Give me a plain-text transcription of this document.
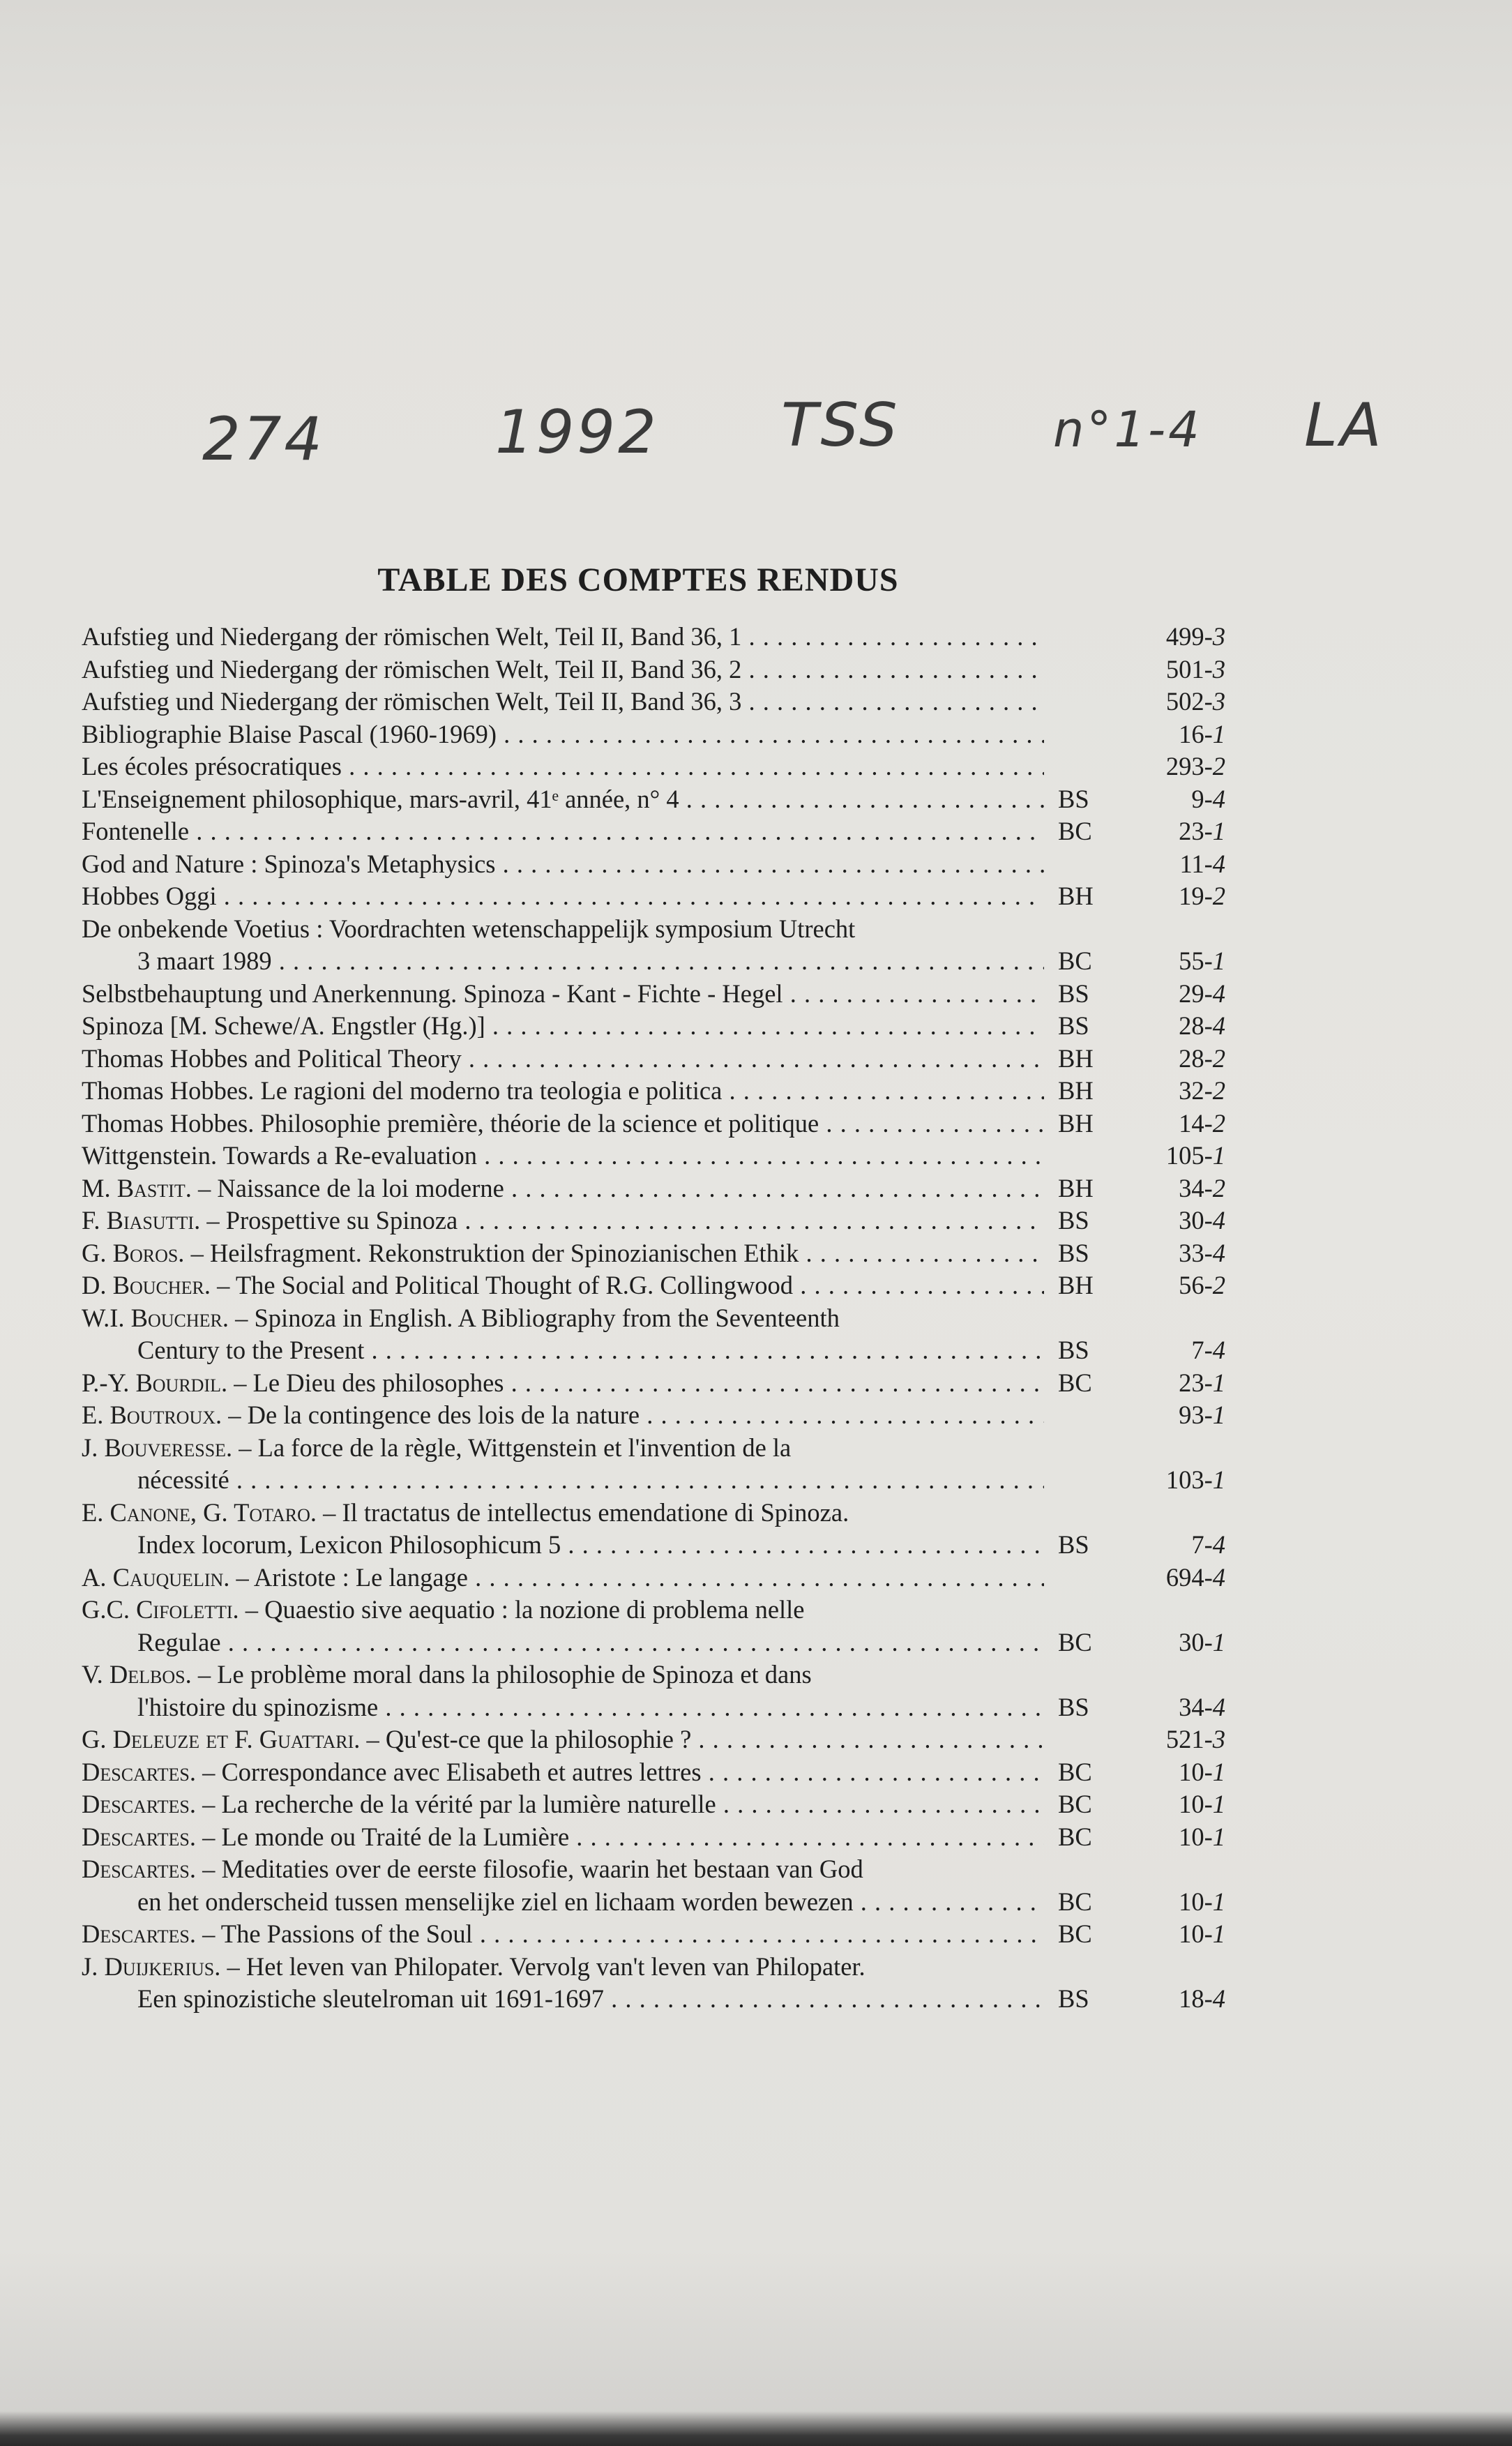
274	1992 TSS	n°1-4 LA
TABLE DES COMPTES RENDUS
Aufstieg und Niedergang der römischen Welt, Teil II, Band 36, 1 . . .	499-3
Aufstieg und Niedergang der römischen Welt, Teil II, Band 36, 2 . . .	501-3
Aufstieg und Niedergang der römischen Welt, Teil II, Band 36, 3 . . .	502-3
Bibliographie Blaise Pascal (1960-1969) . . .	16-1
Les écoles présocratiques . . .	293-2
L'Enseignement philosophique, mars-avril, 41ᵉ année, n° 4 . . .	BS	9-4
Fontenelle . . .	BC	23-1
God and Nature : Spinoza's Metaphysics . . .	11-4
Hobbes Oggi . . .	BH	19-2
De onbekende Voetius : Voordrachten wetenschappelijk symposium Utrecht
3 maart 1989 . . .	BC	55-1
Selbstbehauptung und Anerkennung. Spinoza - Kant - Fichte - Hegel . . .	BS	29-4
Spinoza [M. Schewe/A. Engstler (Hg.)] . . .	BS	28-4
Thomas Hobbes and Political Theory . . .	BH	28-2
Thomas Hobbes. Le ragioni del moderno tra teologia e politica . . .	BH	32-2
Thomas Hobbes. Philosophie première, théorie de la science et politique . . .	BH	14-2
Wittgenstein. Towards a Re-evaluation . . .	105-1
M. Bastit. – Naissance de la loi moderne . . .	BH	34-2
F. Biasutti. – Prospettive su Spinoza . . .	BS	30-4
G. Boros. – Heilsfragment. Rekonstruktion der Spinozianischen Ethik . . .	BS	33-4
D. Boucher. – The Social and Political Thought of R.G. Collingwood . . .	BH	56-2
W.I. Boucher. – Spinoza in English. A Bibliography from the Seventeenth
Century to the Present . . .	BS	7-4
P.-Y. Bourdil. – Le Dieu des philosophes . . .	BC	23-1
E. Boutroux. – De la contingence des lois de la nature . . .	93-1
J. Bouveresse. – La force de la règle, Wittgenstein et l'invention de la
nécessité . . .	103-1
E. Canone, G. Totaro. – Il tractatus de intellectus emendatione di Spinoza.
Index locorum, Lexicon Philosophicum 5 . . .	BS	7-4
A. Cauquelin. – Aristote : Le langage . . .	694-4
G.C. Cifoletti. – Quaestio sive aequatio : la nozione di problema nelle
Regulae . . .	BC	30-1
V. Delbos. – Le problème moral dans la philosophie de Spinoza et dans
l'histoire du spinozisme . . .	BS	34-4
G. Deleuze et F. Guattari. – Qu'est-ce que la philosophie ? . . .	521-3
Descartes. – Correspondance avec Elisabeth et autres lettres . . .	BC	10-1
Descartes. – La recherche de la vérité par la lumière naturelle . . .	BC	10-1
Descartes. – Le monde ou Traité de la Lumière . . .	BC	10-1
Descartes. – Meditaties over de eerste filosofie, waarin het bestaan van God
en het onderscheid tussen menselijke ziel en lichaam worden bewezen . . .	BC	10-1
Descartes. – The Passions of the Soul . . .	BC	10-1
J. Duijkerius. – Het leven van Philopater. Vervolg van't leven van Philopater.
Een spinozistiche sleutelroman uit 1691-1697 . . .	BS	18-4
